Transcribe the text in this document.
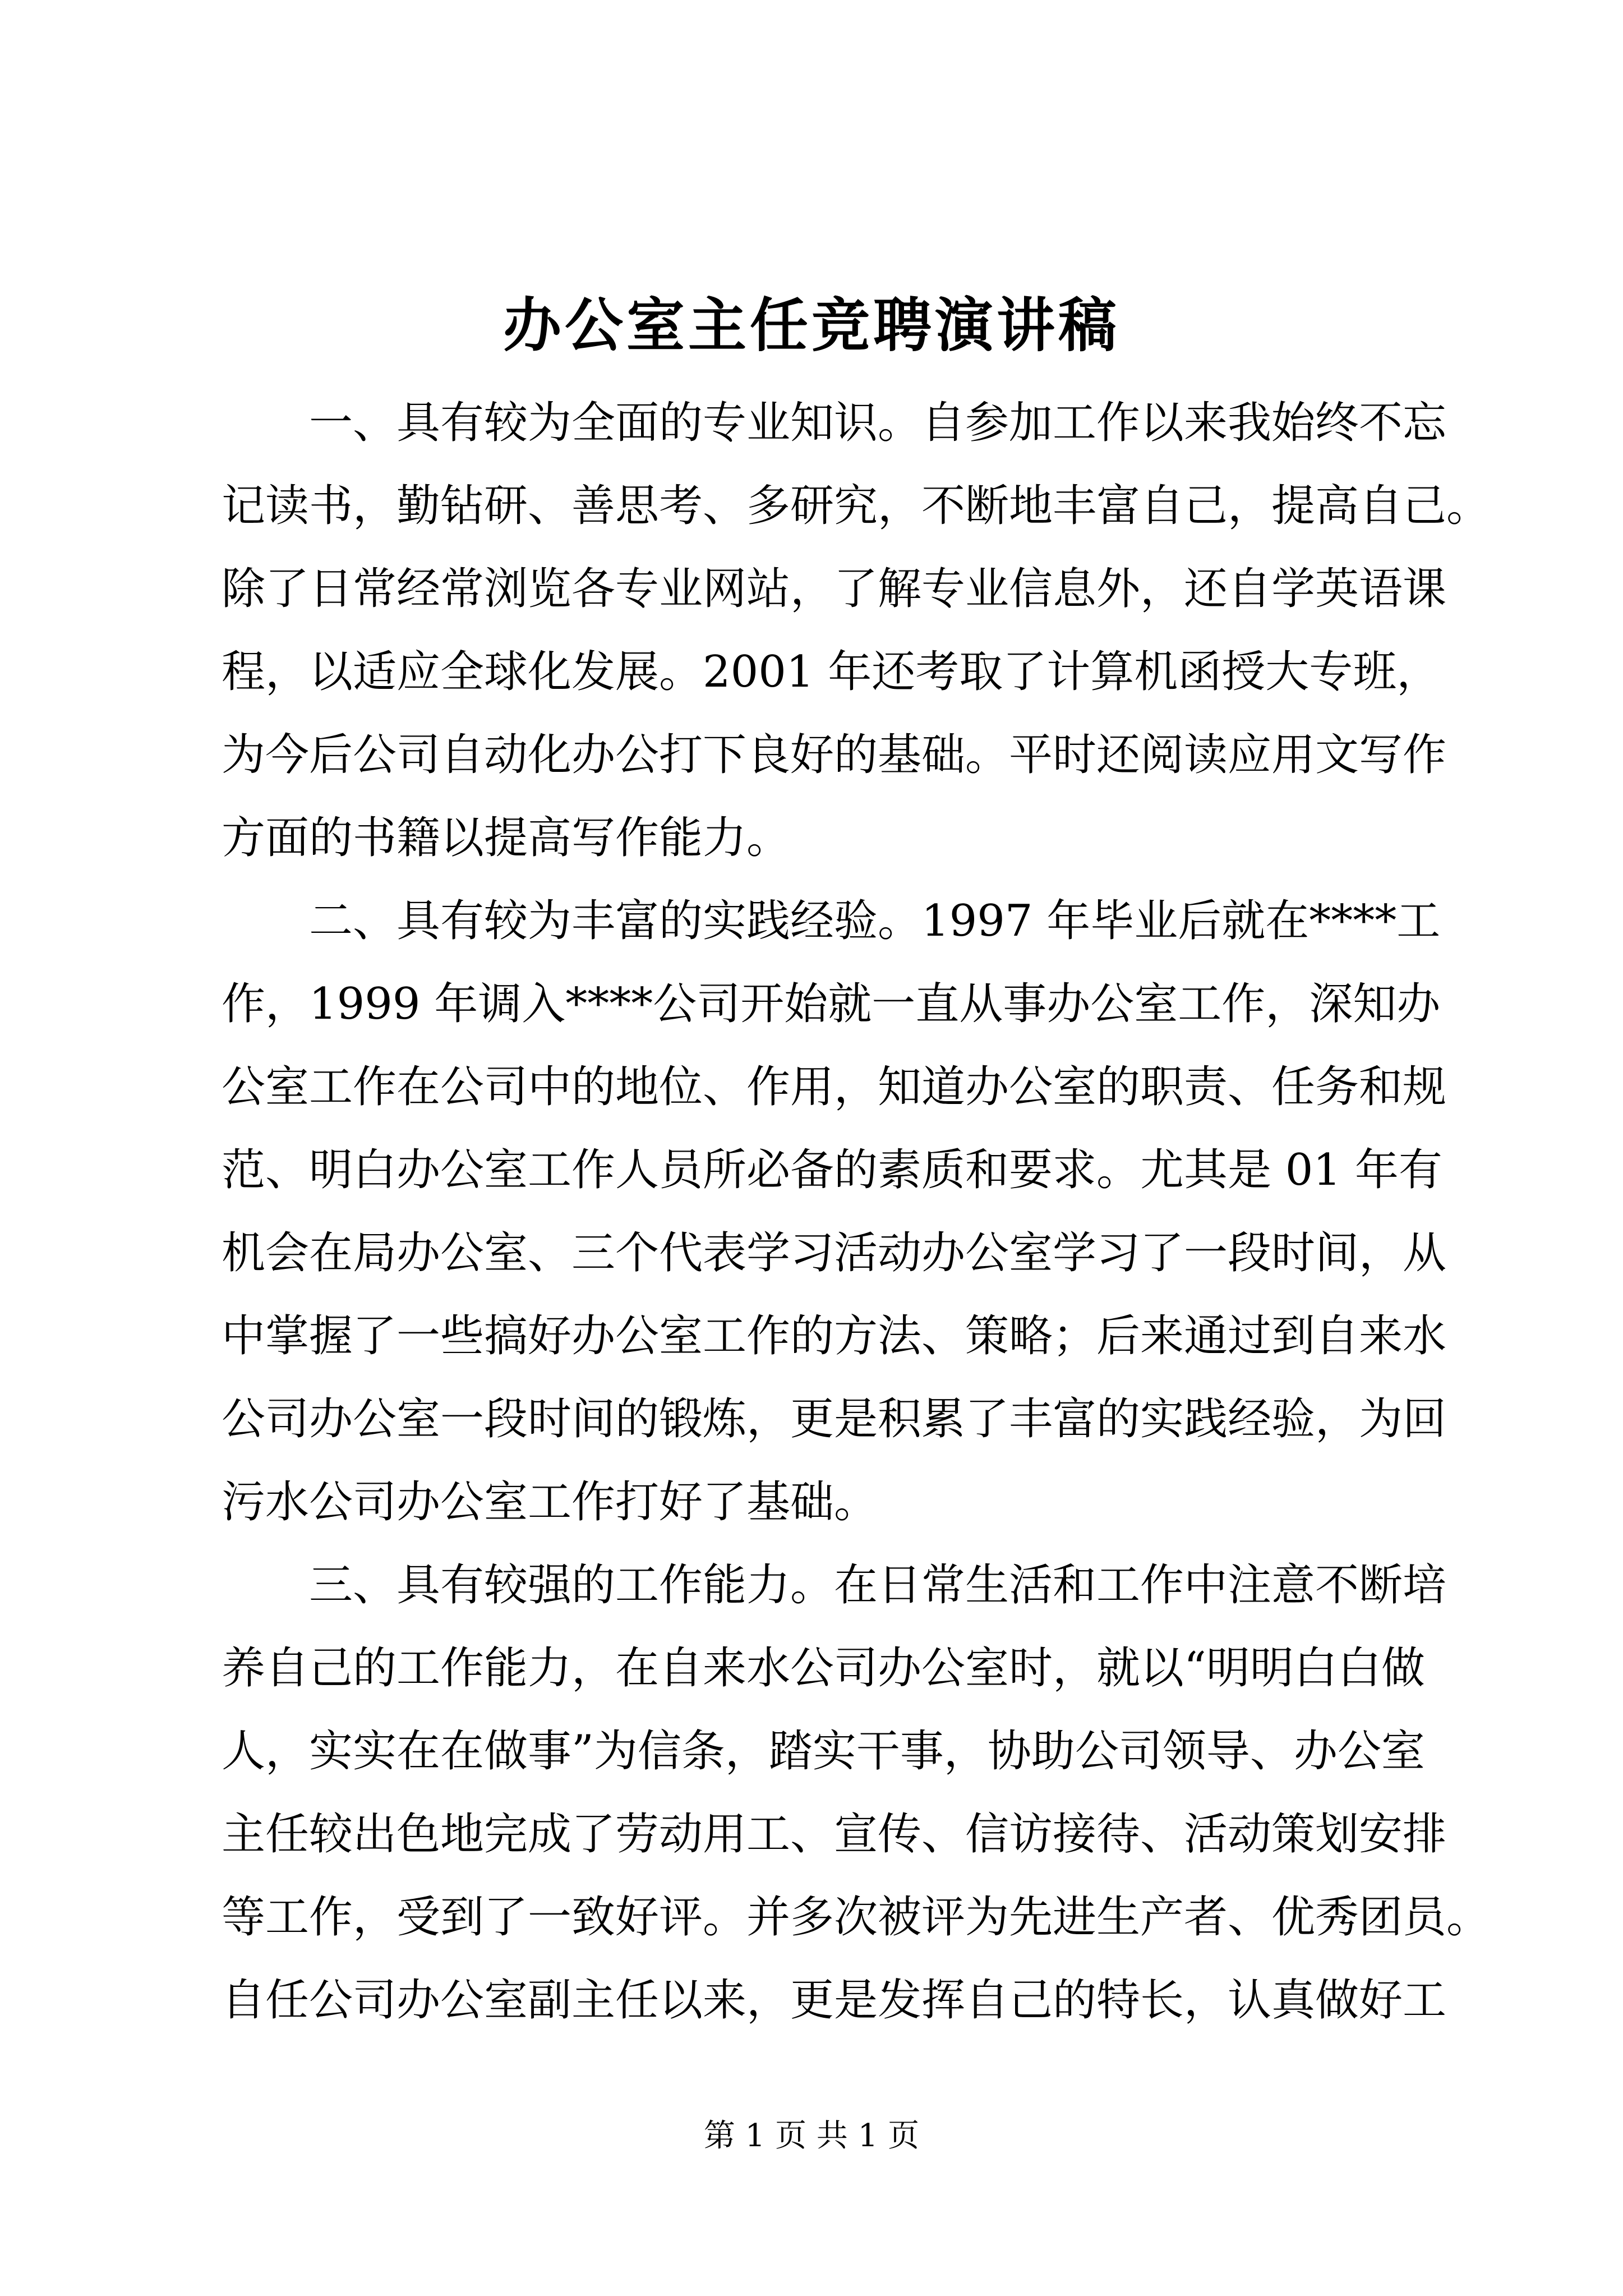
办公室主任竞聘演讲稿
　　一、具有较为全面的专业知识。自参加工作以来我始终不忘
记读书，勤钻研、善思考、多研究，不断地丰富自己，提高自己。
除了日常经常浏览各专业网站，了解专业信息外，还自学英语课
程，以适应全球化发展。2001 年还考取了计算机函授大专班，
为今后公司自动化办公打下良好的基础。平时还阅读应用文写作
方面的书籍以提高写作能力。
　　二、具有较为丰富的实践经验。1997 年毕业后就在****工
作，1999 年调入****公司开始就一直从事办公室工作，深知办
公室工作在公司中的地位、作用，知道办公室的职责、任务和规
范、明白办公室工作人员所必备的素质和要求。尤其是 01 年有
机会在局办公室、三个代表学习活动办公室学习了一段时间，从
中掌握了一些搞好办公室工作的方法、策略；后来通过到自来水
公司办公室一段时间的锻炼，更是积累了丰富的实践经验，为回
污水公司办公室工作打好了基础。
　　三、具有较强的工作能力。在日常生活和工作中注意不断培
养自己的工作能力，在自来水公司办公室时，就以“明明白白做
人，实实在在做事”为信条，踏实干事，协助公司领导、办公室
主任较出色地完成了劳动用工、宣传、信访接待、活动策划安排
等工作，受到了一致好评。并多次被评为先进生产者、优秀团员。
自任公司办公室副主任以来，更是发挥自己的特长，认真做好工
第 1 页 共 1 页
